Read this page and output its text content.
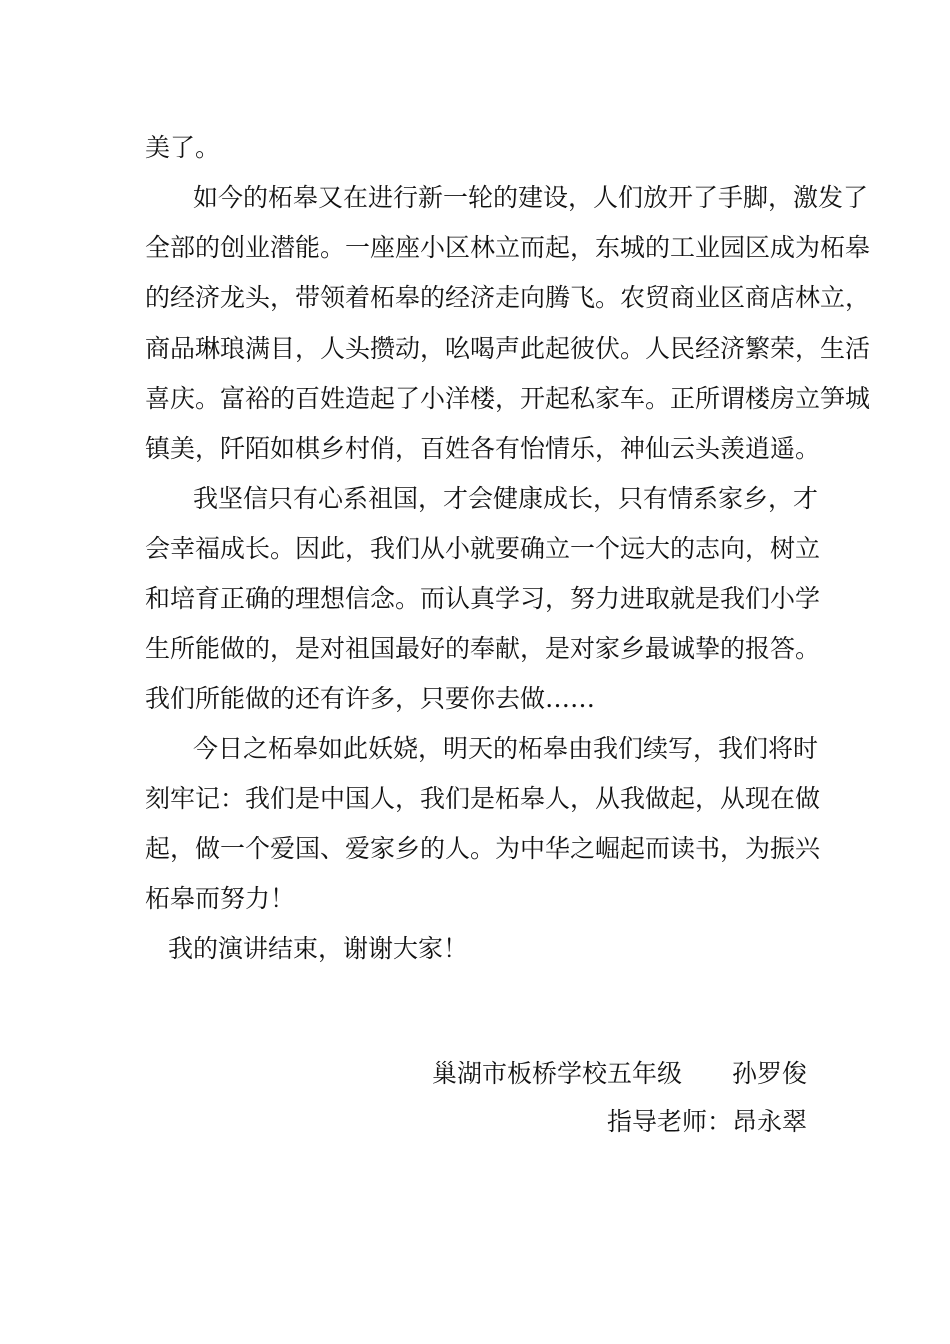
美了。
如今的柘皋又在进行新一轮的建设，人们放开了手脚，激发了
全部的创业潜能。一座座小区林立而起，东城的工业园区成为柘皋
的经济龙头，带领着柘皋的经济走向腾飞。农贸商业区商店林立，
商品琳琅满目，人头攒动，吆喝声此起彼伏。人民经济繁荣，生活
喜庆。富裕的百姓造起了小洋楼，开起私家车。正所谓楼房立笋城
镇美，阡陌如棋乡村俏，百姓各有怡情乐，神仙云头羡逍遥。
我坚信只有心系祖国，才会健康成长，只有情系家乡，才
会幸福成长。因此，我们从小就要确立一个远大的志向，树立
和培育正确的理想信念。而认真学习，努力进取就是我们小学
生所能做的，是对祖国最好的奉献，是对家乡最诚挚的报答。
我们所能做的还有许多，只要你去做……
今日之柘皋如此妖娆，明天的柘皋由我们续写，我们将时
刻牢记：我们是中国人，我们是柘皋人，从我做起，从现在做
起，做一个爱国、爱家乡的人。为中华之崛起而读书，为振兴
柘皋而努力！
我的演讲结束，谢谢大家！
巢湖市板桥学校五年级　　孙罗俊
指导老师：昂永翠
